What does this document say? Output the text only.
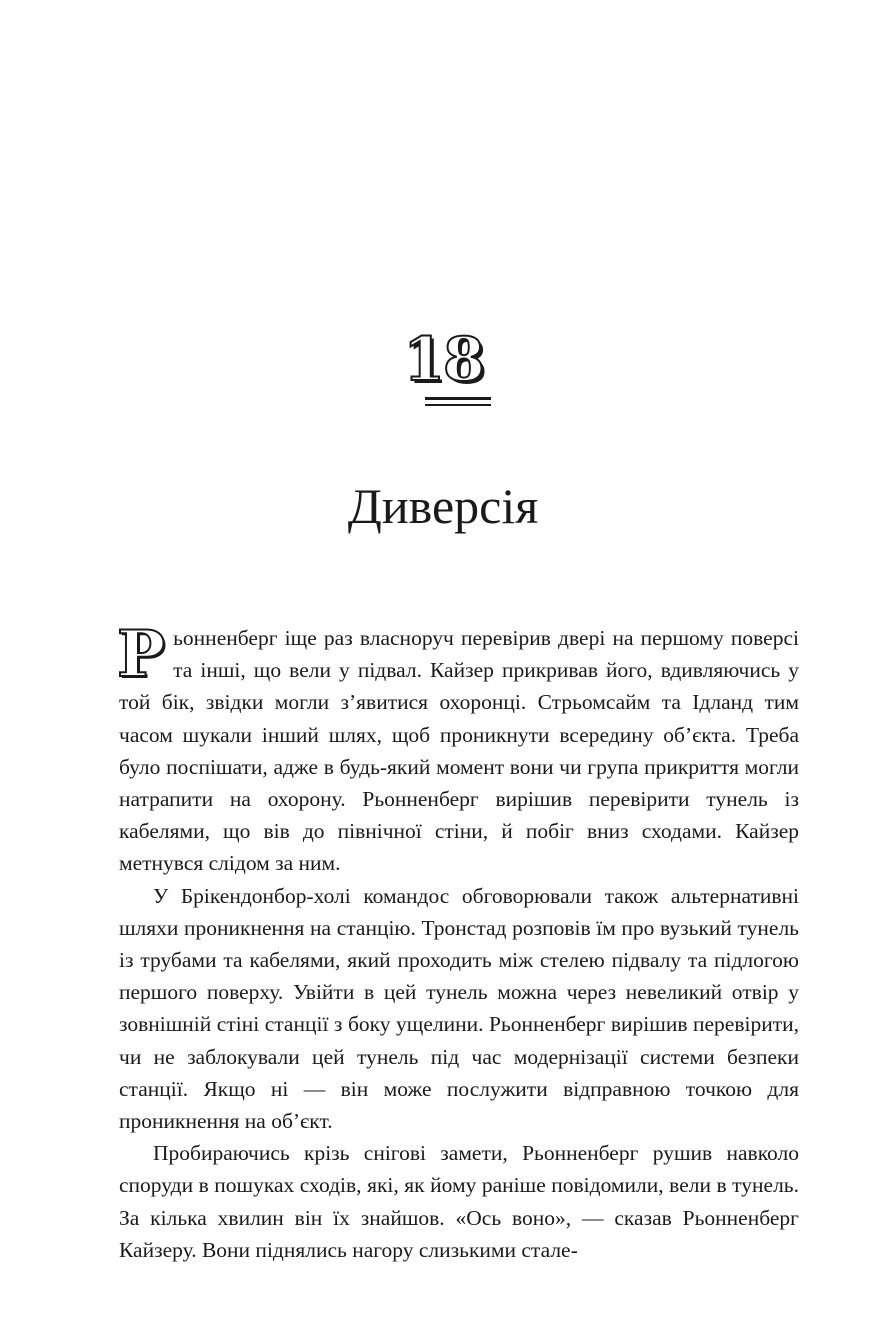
18
Диверсія

Рьонненберг іще раз власноруч перевірив двері на першому поверсі та інші, що вели у підвал. Кайзер прикривав його, вдивляючись у той бік, звідки могли з’явитися охоронці. Стрьомсайм та Ідланд тим часом шукали інший шлях, щоб проникнути всередину об’єкта. Треба було поспішати, адже в будь-який момент вони чи група прикриття могли натрапити на охорону. Рьонненберг вирішив перевірити тунель із кабелями, що вів до північної стіни, й побіг вниз сходами. Кайзер метнувся слідом за ним.

У Брікендонбор-холі командос обговорювали також альтернативні шляхи проникнення на станцію. Тронстад розповів їм про вузький тунель із трубами та кабелями, який проходить між стелею підвалу та підлогою першого поверху. Увійти в цей тунель можна через невеликий отвір у зовнішній стіні станції з боку ущелини. Рьонненберг вирішив перевірити, чи не заблокували цей тунель під час модернізації системи безпеки станції. Якщо ні — він може послужити відправною точкою для проникнення на об’єкт.

Пробираючись крізь снігові замети, Рьонненберг рушив навколо споруди в пошуках сходів, які, як йому раніше повідомили, вели в тунель. За кілька хвилин він їх знайшов. «Ось воно», — сказав Рьонненберг Кайзеру. Вони піднялись нагору слизькими стале-
